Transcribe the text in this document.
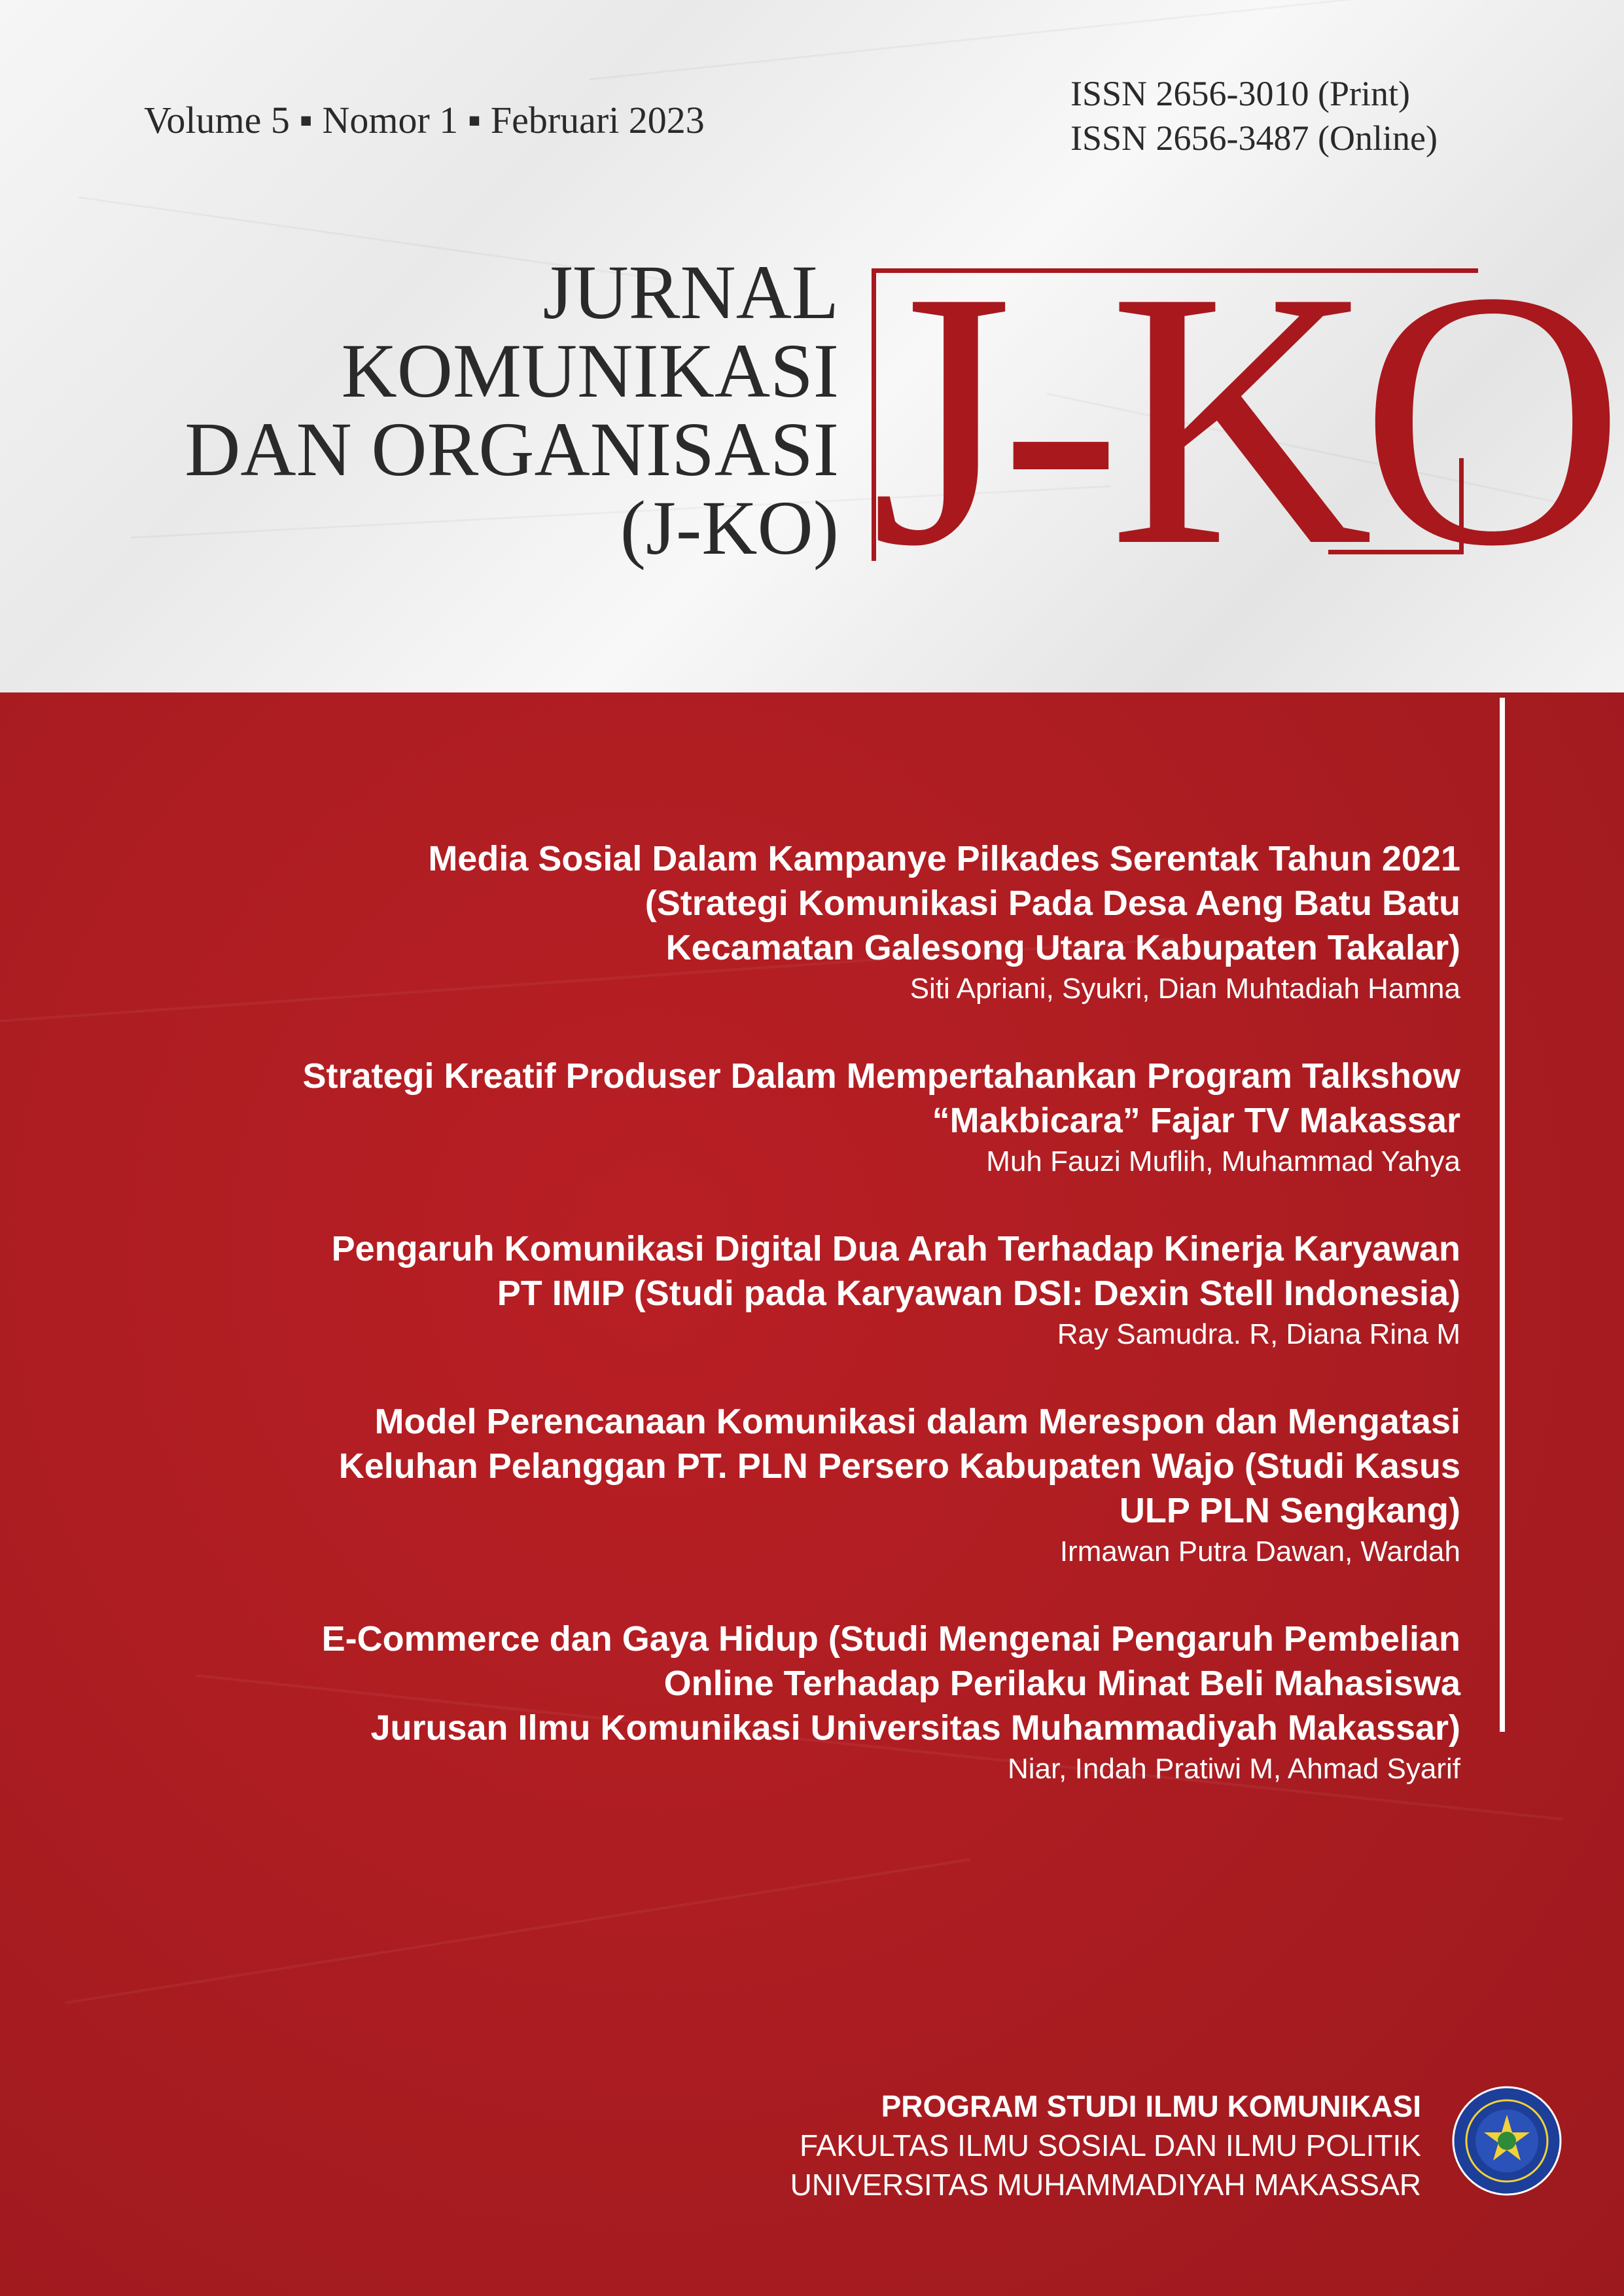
Volume 5 ▪ Nomor 1 ▪ Februari 2023
ISSN 2656-3010 (Print)
ISSN 2656-3487 (Online)
JURNAL
KOMUNIKASI
DAN ORGANISASI
(J-KO) J-KO
Media Sosial Dalam Kampanye Pilkades Serentak Tahun 2021
(Strategi Komunikasi Pada Desa Aeng Batu Batu
Kecamatan Galesong Utara Kabupaten Takalar)
Siti Apriani, Syukri, Dian Muhtadiah Hamna
Strategi Kreatif Produser Dalam Mempertahankan Program Talkshow
“Makbicara” Fajar TV Makassar
Muh Fauzi Muflih, Muhammad Yahya
Pengaruh Komunikasi Digital Dua Arah Terhadap Kinerja Karyawan
PT IMIP (Studi pada Karyawan DSI: Dexin Stell Indonesia)
Ray Samudra. R, Diana Rina M
Model Perencanaan Komunikasi dalam Merespon dan Mengatasi
Keluhan Pelanggan PT. PLN Persero Kabupaten Wajo (Studi Kasus
ULP PLN Sengkang)
Irmawan Putra Dawan, Wardah
E-Commerce dan Gaya Hidup (Studi Mengenai Pengaruh Pembelian
Online Terhadap Perilaku Minat Beli Mahasiswa
Jurusan Ilmu Komunikasi Universitas Muhammadiyah Makassar)
Niar, Indah Pratiwi M, Ahmad Syarif
PROGRAM STUDI ILMU KOMUNIKASI
FAKULTAS ILMU SOSIAL DAN ILMU POLITIK
UNIVERSITAS MUHAMMADIYAH MAKASSAR
